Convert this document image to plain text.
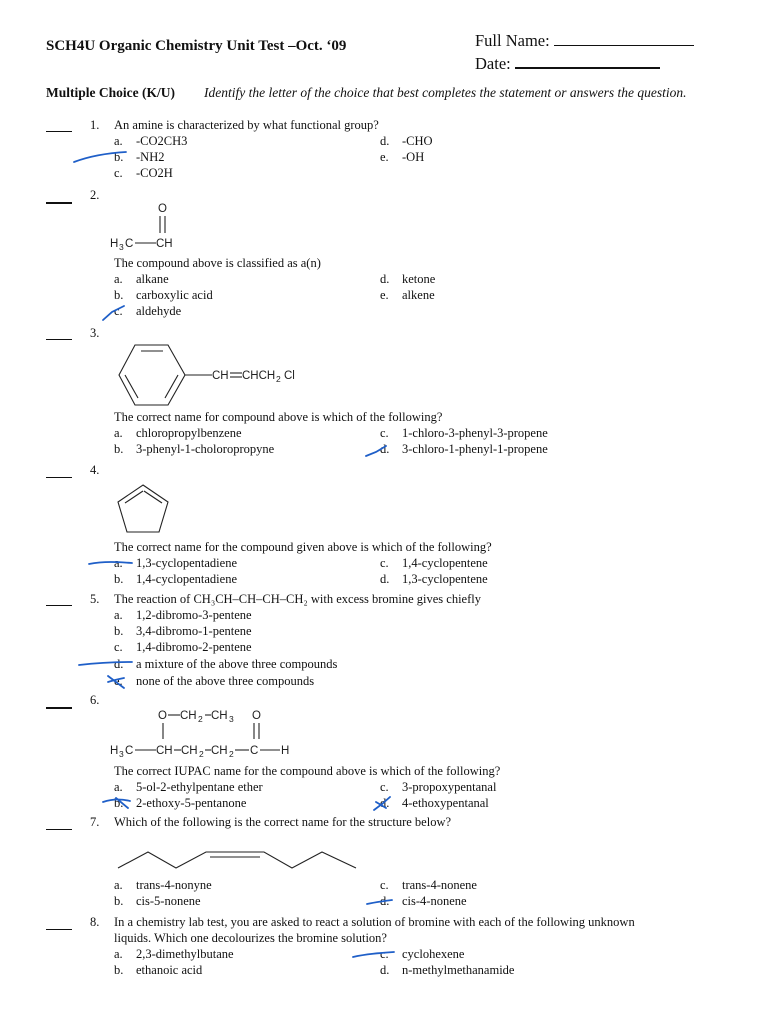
SCH4U Organic Chemistry Unit Test –Oct. ‘09	Full Name:
Date:
Multiple Choice (K/U) Identify the letter of the choice that best completes the statement or answers the question.
1. An amine is characterized by what functional group?
a. -CO2CH3
b. -NH2
c. -CO2H
d. -CHO
e. -OH
2.
O
H 3 C CH
The compound above is classified as a(n)
a. alkane
b. carboxylic acid
c. aldehyde
d. ketone
e. alkene
3.
CH CHCH 2 Cl
The correct name for compound above is which of the following?
a. chloropropylbenzene
b. 3-phenyl-1-choloropropyne
c. 1-chloro-3-phenyl-3-propene
d. 3-chloro-1-phenyl-1-propene
4.
The correct name for the compound given above is which of the following?
a. 1,3-cyclopentadiene
b. 1,4-cyclopentadiene
c. 1,4-cyclopentene
d. 1,3-cyclopentene
5. The reaction of CH₃CH–CH–CH–CH₂ with excess bromine gives chiefly
a. 1,2-dibromo-3-pentene
b. 3,4-dibromo-1-pentene
c. 1,4-dibromo-2-pentene
d. a mixture of the above three compounds
e. none of the above three compounds
6.
O CH 2 CH 3 O
H 3 C CH CH 2 CH 2 C H
The correct IUPAC name for the compound above is which of the following?
a. 5-ol-2-ethylpentane ether
b. 2-ethoxy-5-pentanone
c. 3-propoxypentanal
d. 4-ethoxypentanal
7. Which of the following is the correct name for the structure below?
a. trans-4-nonyne
b. cis-5-nonene
c. trans-4-nonene
d. cis-4-nonene
8. In a chemistry lab test, you are asked to react a solution of bromine with each of the following unknown
liquids. Which one decolourizes the bromine solution?
a. 2,3-dimethylbutane
b. ethanoic acid
c. cyclohexene
d. n-methylmethanamide
